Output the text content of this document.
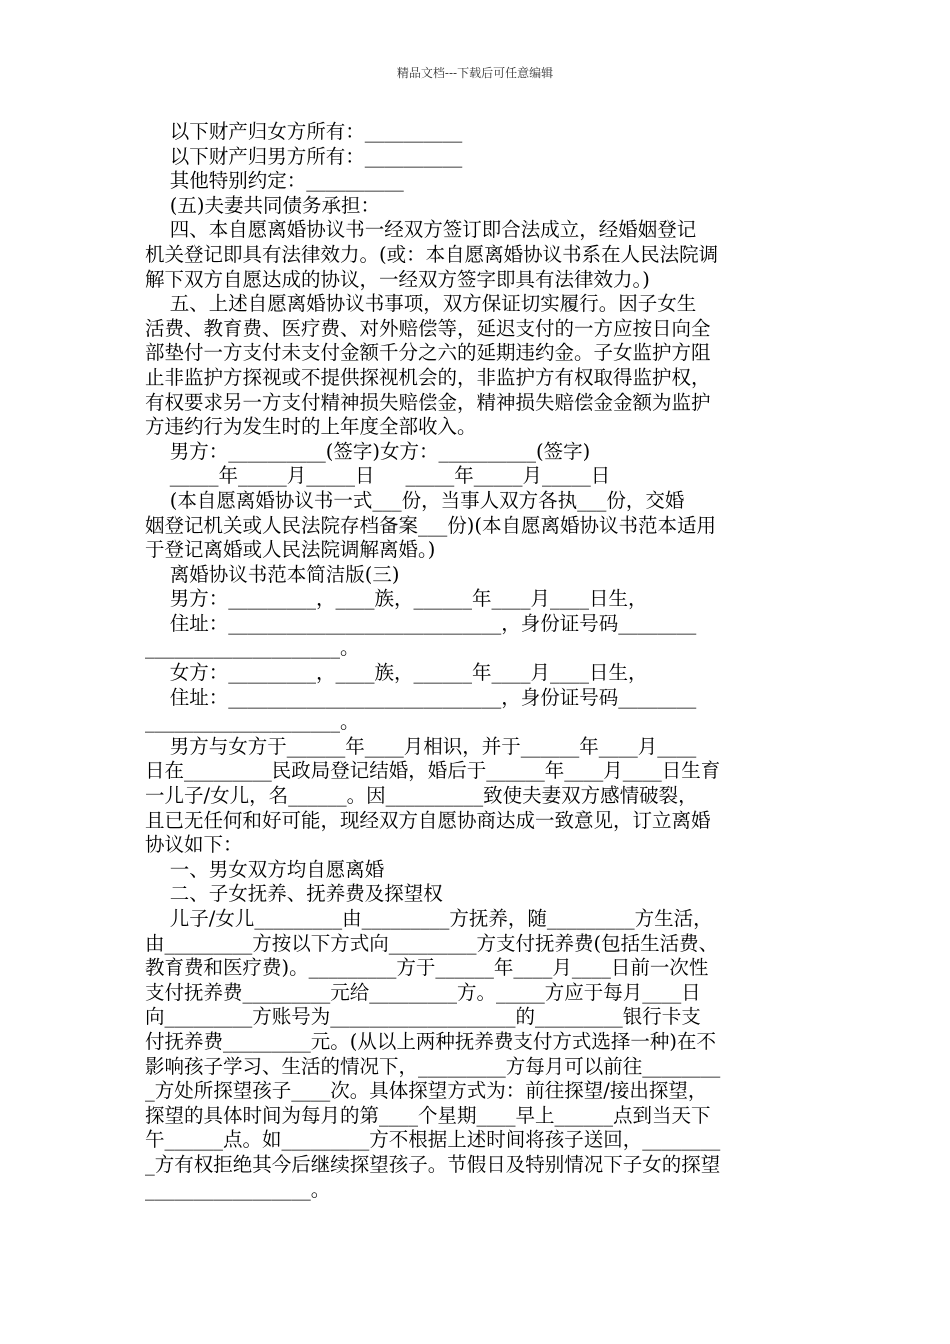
精品文档---下载后可任意编辑
以下财产归女方所有：__________
以下财产归男方所有：__________
其他特别约定：__________
(五)夫妻共同债务承担：
四、本自愿离婚协议书一经双方签订即合法成立，经婚姻登记
机关登记即具有法律效力。(或：本自愿离婚协议书系在人民法院调
解下双方自愿达成的协议，一经双方签字即具有法律效力。)
五、上述自愿离婚协议书事项，双方保证切实履行。因子女生
活费、教育费、医疗费、对外赔偿等，延迟支付的一方应按日向全
部垫付一方支付未支付金额千分之六的延期违约金。子女监护方阻
止非监护方探视或不提供探视机会的，非监护方有权取得监护权，
有权要求另一方支付精神损失赔偿金，精神损失赔偿金金额为监护
方违约行为发生时的上年度全部收入。
男方：__________(签字)女方：__________(签字)
_____年_____月_____日     _____年_____月_____日
(本自愿离婚协议书一式___份，当事人双方各执___份，交婚
姻登记机关或人民法院存档备案___份)(本自愿离婚协议书范本适用
于登记离婚或人民法院调解离婚。)
离婚协议书范本简洁版(三)
男方：_________，____族，______年____月____日生，
住址：____________________________，身份证号码________
____________________。
女方：_________，____族，______年____月____日生，
住址：____________________________，身份证号码________
____________________。
男方与女方于______年____月相识，并于______年____月____
日在_________民政局登记结婚，婚后于______年____月____日生育
一儿子/女儿，名______。因__________致使夫妻双方感情破裂，
且已无任何和好可能，现经双方自愿协商达成一致意见，订立离婚
协议如下：
一、男女双方均自愿离婚
二、子女抚养、抚养费及探望权
儿子/女儿_________由_________方抚养，随_________方生活，
由_________方按以下方式向_________方支付抚养费(包括生活费、
教育费和医疗费)。_________方于______年____月____日前一次性
支付抚养费_________元给_________方。_____方应于每月____日
向_________方账号为___________________的_________银行卡支
付抚养费_________元。(从以上两种抚养费支付方式选择一种)在不
影响孩子学习、生活的情况下，_________方每月可以前往________
_方处所探望孩子____次。具体探望方式为：前往探望/接出探望，
探望的具体时间为每月的第____个星期____早上______点到当天下
午______点。如_________方不根据上述时间将孩子送回，________
_方有权拒绝其今后继续探望孩子。节假日及特别情况下子女的探望
_________________。
